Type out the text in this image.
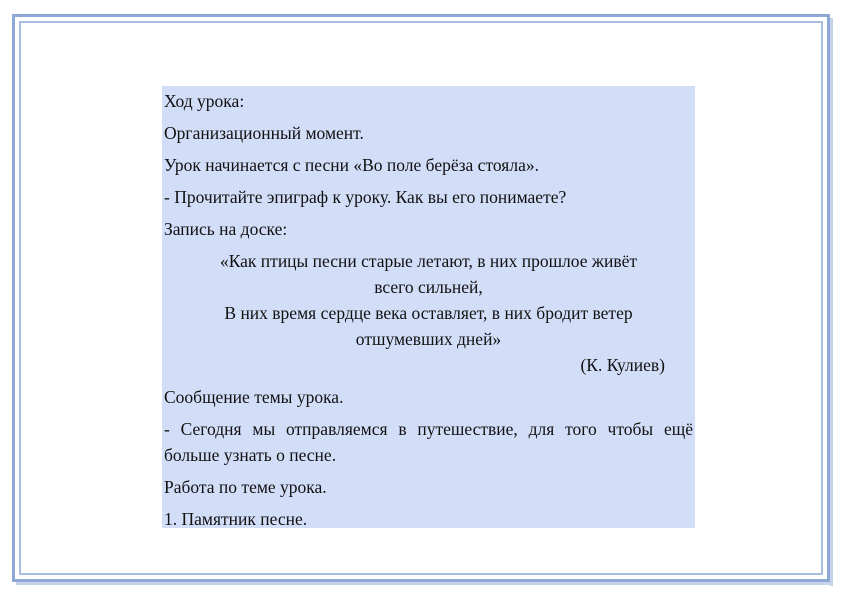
Ход урока:

Организационный момент.

Урок начинается с песни «Во поле берёза стояла».

- Прочитайте эпиграф к уроку. Как вы его понимаете?

Запись на доске:

«Как птицы песни старые летают, в них прошлое живёт

всего сильней,

В них время сердце века оставляет, в них бродит ветер

отшумевших дней»

(К. Кулиев)

Сообщение темы урока.

- Сегодня мы отправляемся в путешествие, для того чтобы ещё больше узнать о песне.

Работа по теме урока.

1. Памятник песне.
